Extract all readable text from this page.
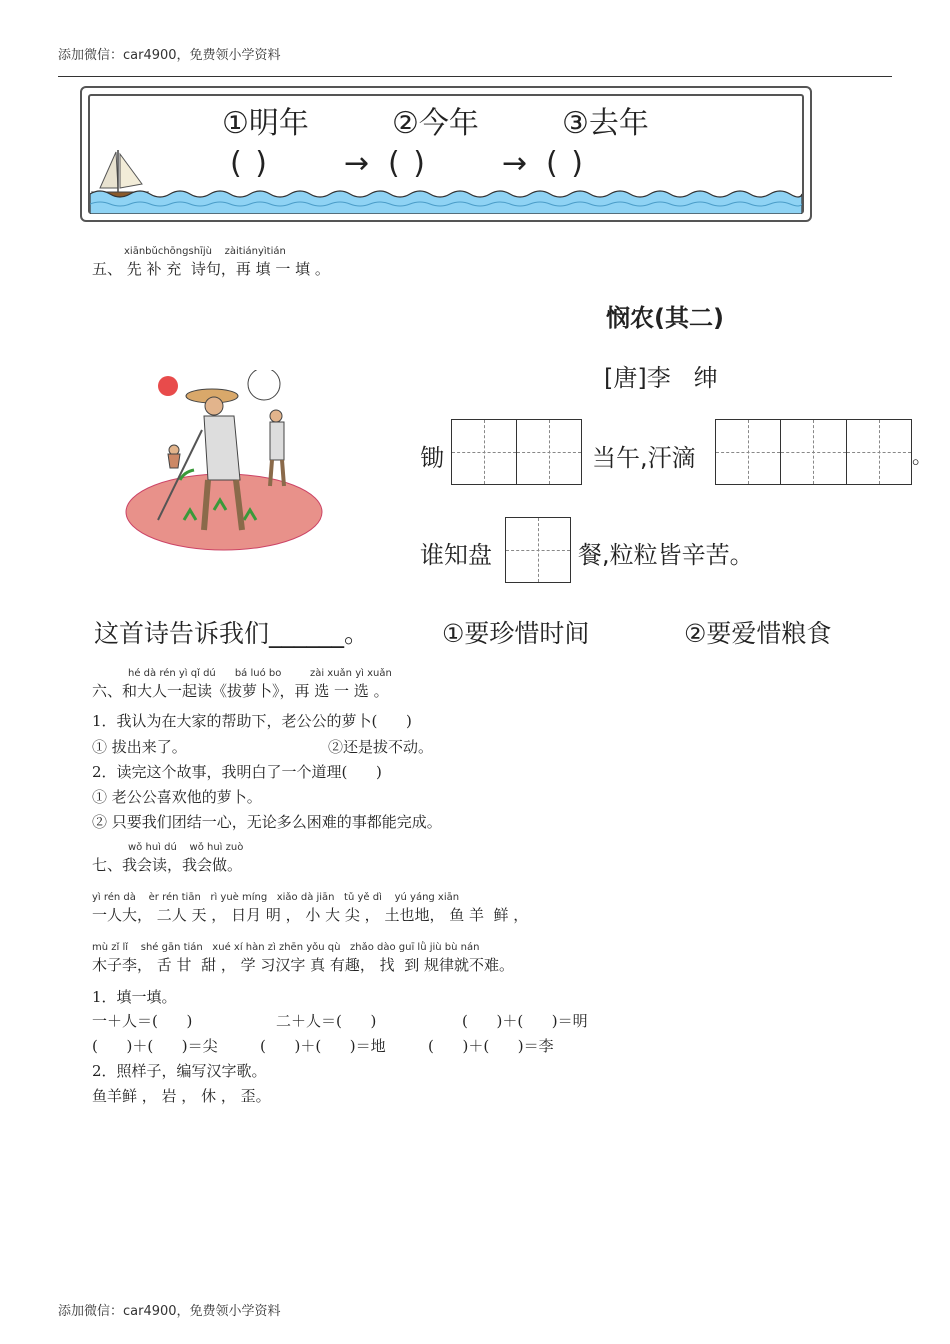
添加微信：car4900，免费领小学资料
①明年	②今年	③去年
( )	→ ( )	→ ( )
xiānbǔchōngshījù    zàitiányìtián
五、 先 补 充  诗句，再 填 一 填 。
悯农(其二)
[唐]李   绅
锄	当午,汗滴	。
谁知盘	餐,粒粒皆辛苦。
这首诗告诉我们______。	①要珍惜时间	②要爱惜粮食
hé dà rén yì qǐ dú      bá luó bo         zài xuǎn yì xuǎn
六、和大人一起读《拔萝卜》，再 选 一 选 。
1．我认为在大家的帮助下，老公公的萝卜(      )
① 拔出来了。	②还是拔不动。
2．读完这个故事，我明白了一个道理(      )
① 老公公喜欢他的萝卜。
② 只要我们团结一心，无论多么困难的事都能完成。
wǒ huì dú    wǒ huì zuò
七、我会读，我会做。
yì rén dà    èr rén tiān   rì yuè míng   xiǎo dà jiān   tǔ yě dì    yú yáng xiān
一人大， 二人 天 ， 日月 明 ， 小 大 尖 ， 土也地， 鱼 羊  鲜 ，
mù zǐ lǐ    shé gān tián   xué xí hàn zì zhēn yǒu qù   zhǎo dào guī lǜ jiù bù nán
木子李， 舌 甘  甜 ， 学 习汉字 真 有趣， 找  到 规律就不难。
1．填一填。
一＋人＝(      )	二＋人＝(      )	(      )＋(      )＝明
(      )＋(      )＝尖	(      )＋(      )＝地	(      )＋(      )＝李
2．照样子，编写汉字歌。
鱼羊鲜 ， 岩 ， 休 ， 歪。
添加微信：car4900，免费领小学资料
